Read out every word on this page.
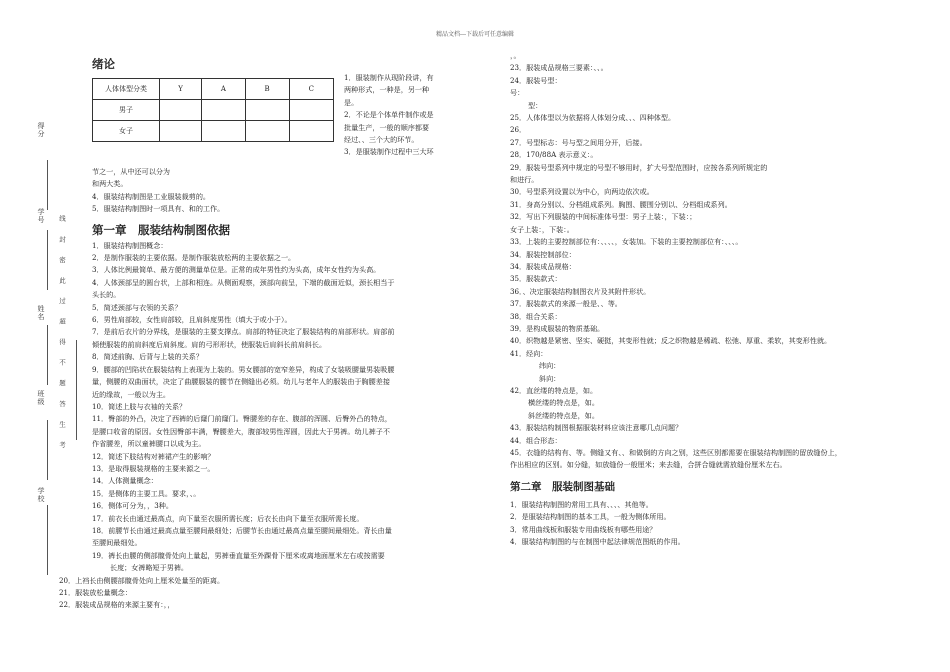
精品文档---下载后可任意编辑
得分
学号
姓名
班级
学校
线 封 密 此 过 超 得 不 题 答 生 考
绪论
人体体型分类	Y	A	B	C
男子				
女子				
1．服装制作从现阶段讲，有
两种形式，一种是，另一种
是。
2．不论是个体单件制作或是
批量生产，一般的顺序都要
经过、、三个大的环节。
3．是服装制作过程中三大环
节之一，从中还可以分为
和两大类。
4．服装结构制图是工业服装裁剪的。
5．服装结构制图时一项具有、和的工作。
第一章　服装结构制图依据
1．服装结构制图概念：
2．是制作服装的主要依据。是制作服装放松两的主要依据之一。
3．人体比例最简单、最方便的测量单位是。正常的成年男性约为头高，成年女性约为头高。
4．人体颈部呈的圆台状，上部和相连。从侧面观察，颈部向前呈，下端的截面近似，颈长相当于
头长的。
5．简述颈部与衣领的关系？
6．男性肩部较，女性肩部较，且肩斜度男性（填大于或小于）。
7．是前后衣片的分界线，是服装的主要支撑点。肩部的特征决定了服装结构的肩部形状。肩部前
倾使服装的前肩斜度后肩斜度。肩的弓形形状，使服装后肩斜长前肩斜长。
8．简述前胸、后背与上装的关系？
9．腰部的凹陷状在服装结构上表现为上装的。男女腰部的宽窄差异，构成了女装吸腰量男装吸腰
量，侧腰的双曲面状，决定了曲腰服装的腰节在侧缝出必须。幼儿与老年人的服装由于胸腰差接
近的缘故，一般以为主。
10．简述上肢与衣袖的关系？
11．臀部的外凸，决定了西裤的后窿门前窿门。臀腰差的存在、腹部的浑圆、后臀外凸的特点，
是腰口收省的原因。女性因臀部丰满，臀腰差大，腹部较男性浑圆，因此大于男裤。幼儿裤子不
作省腰差，所以童裤腰口以成为主。
12．简述下肢结构对裤裙产生的影响？
13．是取得服装规格的主要来源之一。
14．人体测量概念：
15．是侧体的主要工具。要求，、。
16．侧体可分为，，3种。
17．前衣长由通过最高点，向下量至衣服所需长度；后衣长由向下量至衣服所需长度。
18．前腰节长由通过最高点量至腰间最细处；后腰节长由通过最高点量至腰间最细处。背长由量
至腰间最细处。
19．裤长由腰的侧部髋骨处向上量起，男裤垂直量至外踝骨下厘米或离地面厘米左右或按需要
长度；女裤略短于男裤。
20．上裆长由侧腰部髋骨处向上厘米处量至的距离。
21．服装放松量概念：
22．服装成品规格的来源主要有：，，
，。
23．服装成品规格三要素：、、。
24．服装号型：
号：
型：
25．人体体型以为依据将人体划分成、、、四种体型。
26．
27．号型标志：号与型之间用分开，后接。
28．170/88A 表示意义：。
29．服装号型系列中规定的号型不够用时，扩大号型范围时，应按各系列所规定的
和进行。
30．号型系列设置以为中心，向两边依次或。
31．身高分别以、分档组成系列。胸围、腰围分别以、分档组成系列。
32．写出下列服装的中间标准体号型：男子上装：，下装：；
女子上装：，下装：。
33．上装的主要控制部位有：、、、、，女装加。下装的主要控制部位有：、、、。
34．服装控制部位：
34．服装成品规格：
35．服装款式：
36．、决定服装结构制图衣片及其附件形状。
37．服装款式的来源一般是、、等。
38．组合关系：
39．是构成服装的物质基础。
40．织物越是紧密、坚实、硬挺，其变形性就；反之织物越是稀疏、松弛、厚重、柔软，其变形性就。
41．经向：
纬向：
斜向：
42．直丝缕的特点是，如。
横丝缕的特点是，如。
斜丝缕的特点是，如。
43．服装结构制图根据服装材料应该注意哪几点问题？
44．组合形态：
45．衣缝的结构有、等。侧缝又有、、和做倒的方向之别，这些区别都需要在服装结构制图的留放缝份上，
作出相应的区别。如分缝，如放缝份一般厘米；来去缝，合拼合缝就需放缝份厘米左右。
第二章　服装制图基础
1．服装结构制图的常用工具有、、、、其他等。
2．是服装结构制图的基本工具，一般为侧体所用。
3．常用曲线板和服装专用曲线板有哪些用途？
4．服装结构制图的与在制图中起法律规范图纸的作用。
